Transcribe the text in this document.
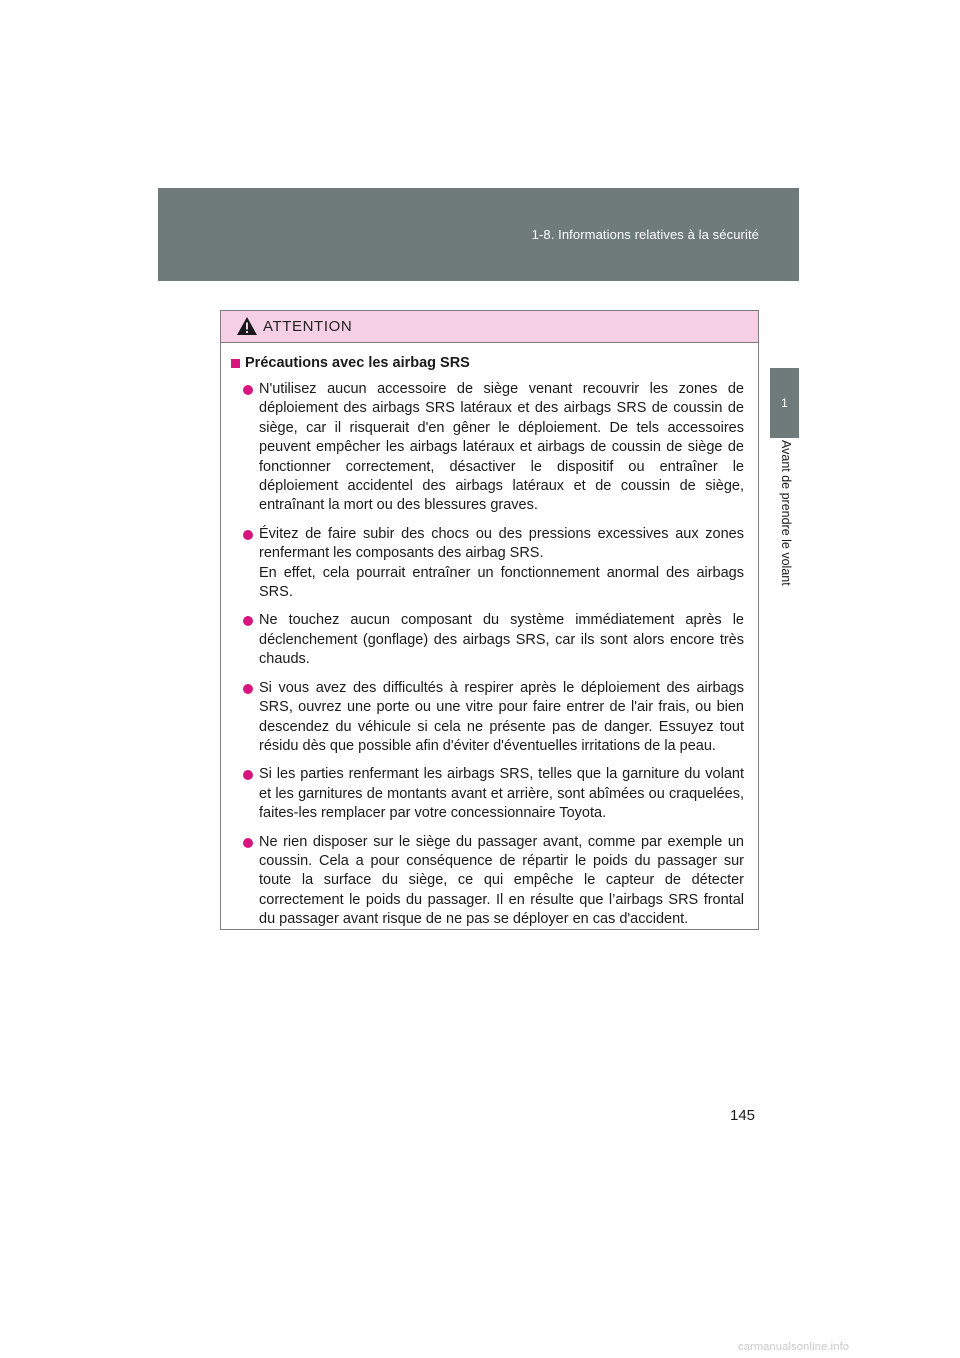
1-8. Informations relatives à la sécurité
1
Avant de prendre le volant
ATTENTION
Précautions avec les airbag SRS

N'utilisez aucun accessoire de siège venant recouvrir les zones de déploiement des airbags SRS latéraux et des airbags SRS de coussin de siège, car il risquerait d'en gêner le déploiement. De tels accessoires peuvent empêcher les airbags latéraux et airbags de coussin de siège de fonctionner correctement, désactiver le dispositif ou entraîner le déploiement accidentel des airbags latéraux et de coussin de siège, entraînant la mort ou des blessures graves.

Évitez de faire subir des chocs ou des pressions excessives aux zones renfermant les composants des airbag SRS.

En effet, cela pourrait entraîner un fonctionnement anormal des airbags SRS.

Ne touchez aucun composant du système immédiatement après le déclenchement (gonflage) des airbags SRS, car ils sont alors encore très chauds.

Si vous avez des difficultés à respirer après le déploiement des airbags SRS, ouvrez une porte ou une vitre pour faire entrer de l'air frais, ou bien descendez du véhicule si cela ne présente pas de danger. Essuyez tout résidu dès que possible afin d'éviter d'éventuelles irritations de la peau.

Si les parties renfermant les airbags SRS, telles que la garniture du volant et les garnitures de montants avant et arrière, sont abîmées ou craquelées, faites-les remplacer par votre concessionnaire Toyota.

Ne rien disposer sur le siège du passager avant, comme par exemple un coussin. Cela a pour conséquence de répartir le poids du passager sur toute la surface du siège, ce qui empêche le capteur de détecter correctement le poids du passager. Il en résulte que l’airbags SRS frontal du passager avant risque de ne pas se déployer en cas d'accident.

145
carmanualsonline.info
